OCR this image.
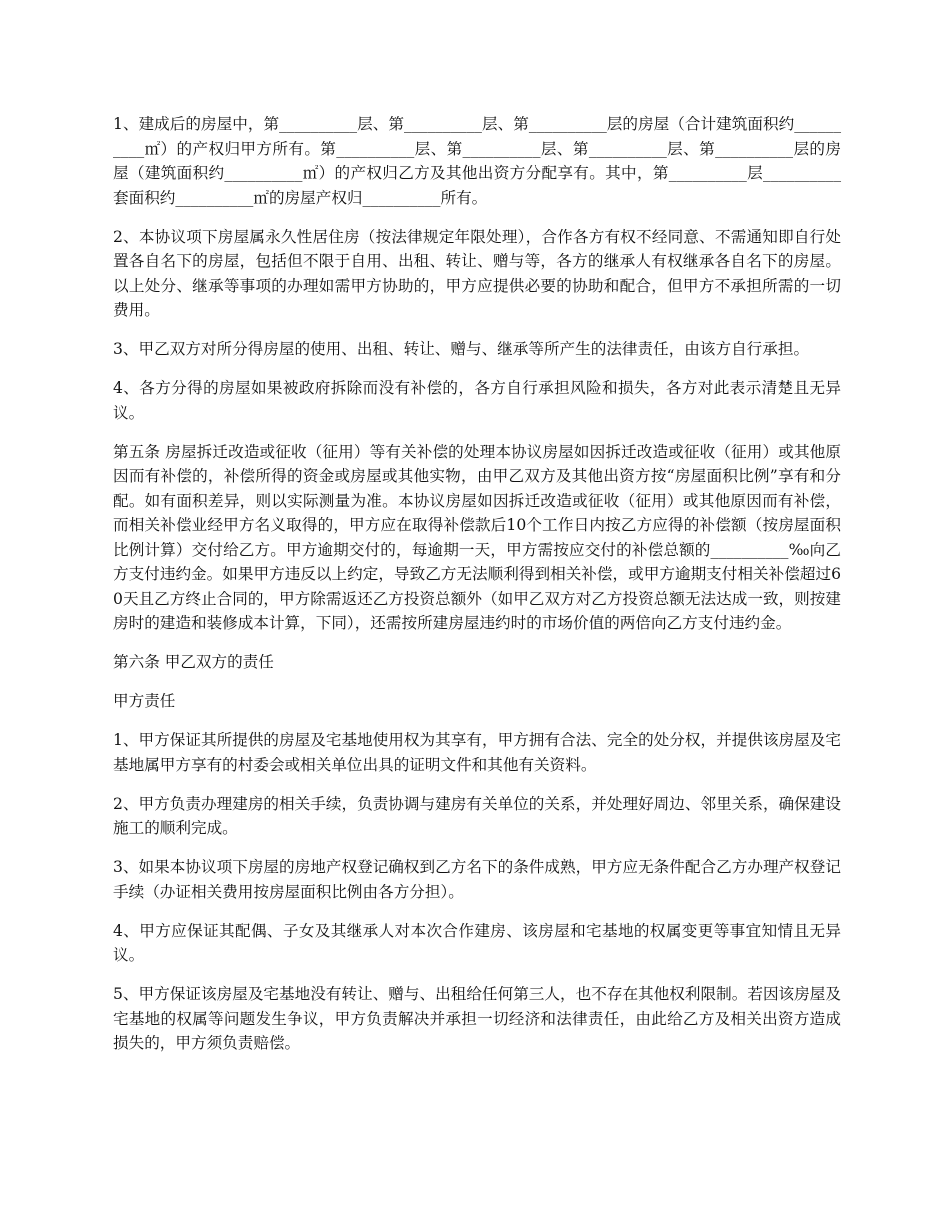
1、建成后的房屋中，第__________层、第__________层、第__________层的房屋（合计建筑面积约__________㎡）的产权归甲方所有。第__________层、第__________层、第__________层、第__________层的房屋（建筑面积约__________㎡）的产权归乙方及其他出资方分配享有。其中，第__________层__________套面积约__________㎡的房屋产权归__________所有。

2、本协议项下房屋属永久性居住房（按法律规定年限处理），合作各方有权不经同意、不需通知即自行处置各自名下的房屋，包括但不限于自用、出租、转让、赠与等，各方的继承人有权继承各自名下的房屋。以上处分、继承等事项的办理如需甲方协助的，甲方应提供必要的协助和配合，但甲方不承担所需的一切费用。

3、甲乙双方对所分得房屋的使用、出租、转让、赠与、继承等所产生的法律责任，由该方自行承担。

4、各方分得的房屋如果被政府拆除而没有补偿的，各方自行承担风险和损失，各方对此表示清楚且无异议。

第五条 房屋拆迁改造或征收（征用）等有关补偿的处理本协议房屋如因拆迁改造或征收（征用）或其他原因而有补偿的，补偿所得的资金或房屋或其他实物，由甲乙双方及其他出资方按“房屋面积比例”享有和分配。如有面积差异，则以实际测量为准。本协议房屋如因拆迁改造或征收（征用）或其他原因而有补偿，而相关补偿业经甲方名义取得的，甲方应在取得补偿款后10个工作日内按乙方应得的补偿额（按房屋面积比例计算）交付给乙方。甲方逾期交付的，每逾期一天，甲方需按应交付的补偿总额的__________‰向乙方支付违约金。如果甲方违反以上约定，导致乙方无法顺利得到相关补偿，或甲方逾期支付相关补偿超过60天且乙方终止合同的，甲方除需返还乙方投资总额外（如甲乙双方对乙方投资总额无法达成一致，则按建房时的建造和装修成本计算，下同），还需按所建房屋违约时的市场价值的两倍向乙方支付违约金。

第六条 甲乙双方的责任

甲方责任

1、甲方保证其所提供的房屋及宅基地使用权为其享有，甲方拥有合法、完全的处分权，并提供该房屋及宅基地属甲方享有的村委会或相关单位出具的证明文件和其他有关资料。

2、甲方负责办理建房的相关手续，负责协调与建房有关单位的关系，并处理好周边、邻里关系，确保建设施工的顺利完成。

3、如果本协议项下房屋的房地产权登记确权到乙方名下的条件成熟，甲方应无条件配合乙方办理产权登记手续（办证相关费用按房屋面积比例由各方分担）。

4、甲方应保证其配偶、子女及其继承人对本次合作建房、该房屋和宅基地的权属变更等事宜知情且无异议。

5、甲方保证该房屋及宅基地没有转让、赠与、出租给任何第三人，也不存在其他权利限制。若因该房屋及宅基地的权属等问题发生争议，甲方负责解决并承担一切经济和法律责任，由此给乙方及相关出资方造成损失的，甲方须负责赔偿。
